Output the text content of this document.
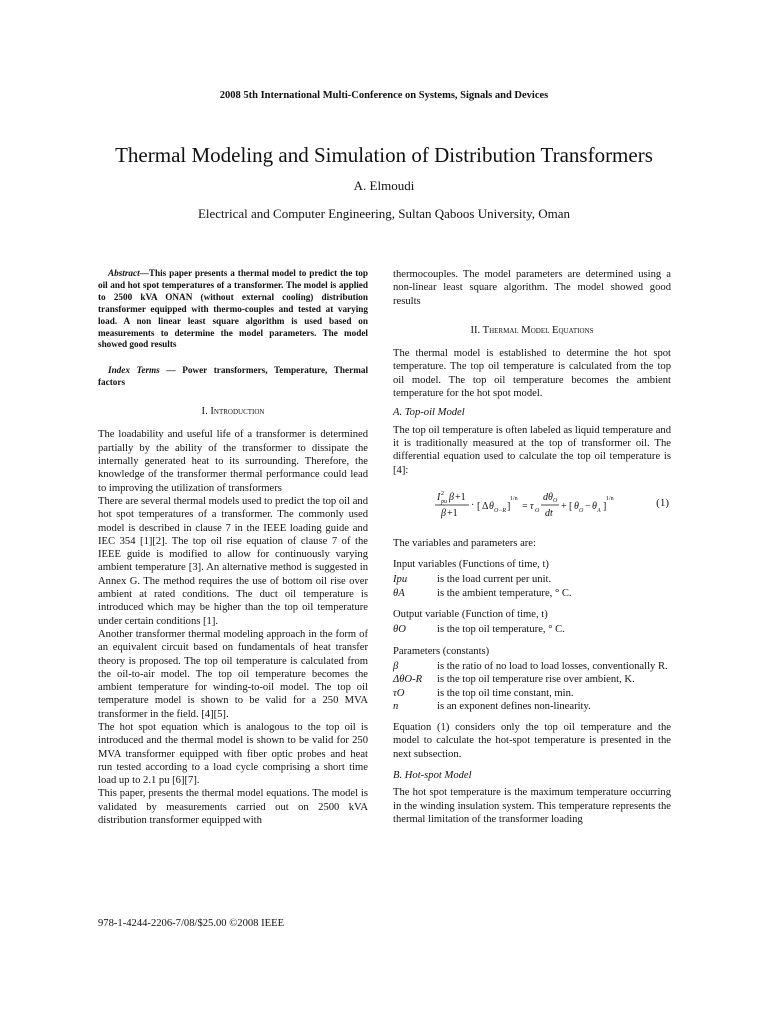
2008 5th International Multi-Conference on Systems, Signals and Devices
Thermal Modeling and Simulation of Distribution Transformers
A. Elmoudi
Electrical and Computer Engineering, Sultan Qaboos University, Oman

Abstract—This paper presents a thermal model to predict the top oil and hot spot temperatures of a transformer. The model is applied to 2500 kVA ONAN (without external cooling) distribution transformer equipped with thermo-couples and tested at varying load. A non linear least square algorithm is used based on measurements to determine the model parameters. The model showed good results

Index Terms — Power transformers, Temperature, Thermal factors

I. Introduction

The loadability and useful life of a transformer is determined partially by the ability of the transformer to dissipate the internally generated heat to its surrounding. Therefore, the knowledge of the transformer thermal performance could lead to improving the utilization of transformers

There are several thermal models used to predict the top oil and hot spot temperatures of a transformer. The commonly used model is described in clause 7 in the IEEE loading guide and IEC 354 [1][2]. The top oil rise equation of clause 7 of the IEEE guide is modified to allow for continuously varying ambient temperature [3]. An alternative method is suggested in Annex G. The method requires the use of bottom oil rise over ambient at rated conditions. The duct oil temperature is introduced which may be higher than the top oil temperature under certain conditions [1].

Another transformer thermal modeling approach in the form of an equivalent circuit based on fundamentals of heat transfer theory is proposed. The top oil temperature is calculated from the oil-to-air model. The top oil temperature becomes the ambient temperature for winding-to-oil model. The top oil temperature model is shown to be valid for a 250 MVA transformer in the field. [4][5].

The hot spot equation which is analogous to the top oil is introduced and the thermal model is shown to be valid for 250 MVA transformer equipped with fiber optic probes and heat run tested according to a load cycle comprising a short time load up to 2.1 pu [6][7].

This paper, presents the thermal model equations. The model is validated by measurements carried out on 2500 kVA distribution transformer equipped with

thermocouples. The model parameters are determined using a non-linear least square algorithm. The model showed good results

II. Thermal Model Equations

The thermal model is established to determine the hot spot temperature. The top oil temperature is calculated from the top oil model. The top oil temperature becomes the ambient temperature for the hot spot model.

A. Top-oil Model

The top oil temperature is often labeled as liquid temperature and it is traditionally measured at the top of transformer oil. The differential equation used to calculate the top oil temperature is [4]:

I 2
pu β +1
β +1
· [ Δ θ O−R ]
1/n
= τ O
dθ O
dt
+ [ θ O − θ A ]
1/n	(1)

The variables and parameters are:

Input variables (Functions of time, t)

Ipu	is the load current per unit.
θA	is the ambient temperature, ° C.

Output variable (Function of time, t)

θO	is the top oil temperature, ° C.

Parameters (constants)

β	is the ratio of no load to load losses, conventionally R.
ΔθO-R	is the top oil temperature rise over ambient, K.
τO	is the top oil time constant, min.
n	is an exponent defines non-linearity.

Equation (1) considers only the top oil temperature and the model to calculate the hot-spot temperature is presented in the next subsection.

B. Hot-spot Model

The hot spot temperature is the maximum temperature occurring in the winding insulation system. This temperature represents the thermal limitation of the transformer loading

978-1-4244-2206-7/08/$25.00 ©2008 IEEE
